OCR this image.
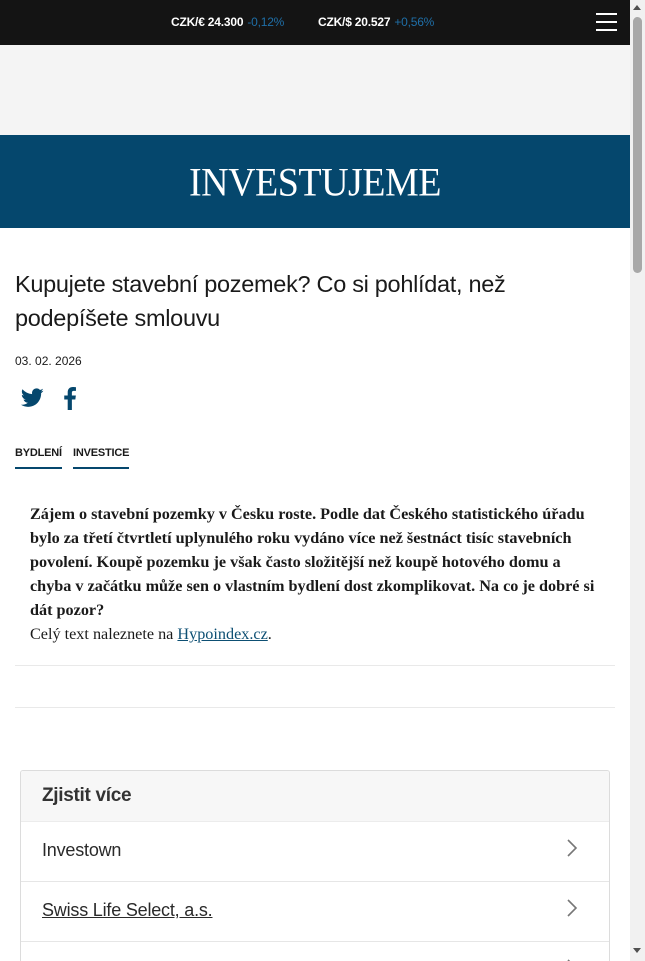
CZK/€ 24.300 -0,12%	CZK/$ 20.527 +0,56%
INVESTUJEME
Kupujete stavební pozemek? Co si pohlídat, než podepíšete smlouvu
03. 02. 2026
BYDLENÍ INVESTICE

Zájem o stavební pozemky v Česku roste. Podle dat Českého statistického úřadu bylo za třetí čtvrtletí uplynulého roku vydáno více než šestnáct tisíc stavebních povolení. Koupě pozemku je však často složitější než koupě hotového domu a chyba v začátku může sen o vlastním bydlení dost zkomplikovat. Na co je dobré si dát pozor?

Celý text naleznete na Hypoindex.cz.
Zjistit více
Investown
Swiss Life Select, a.s.
